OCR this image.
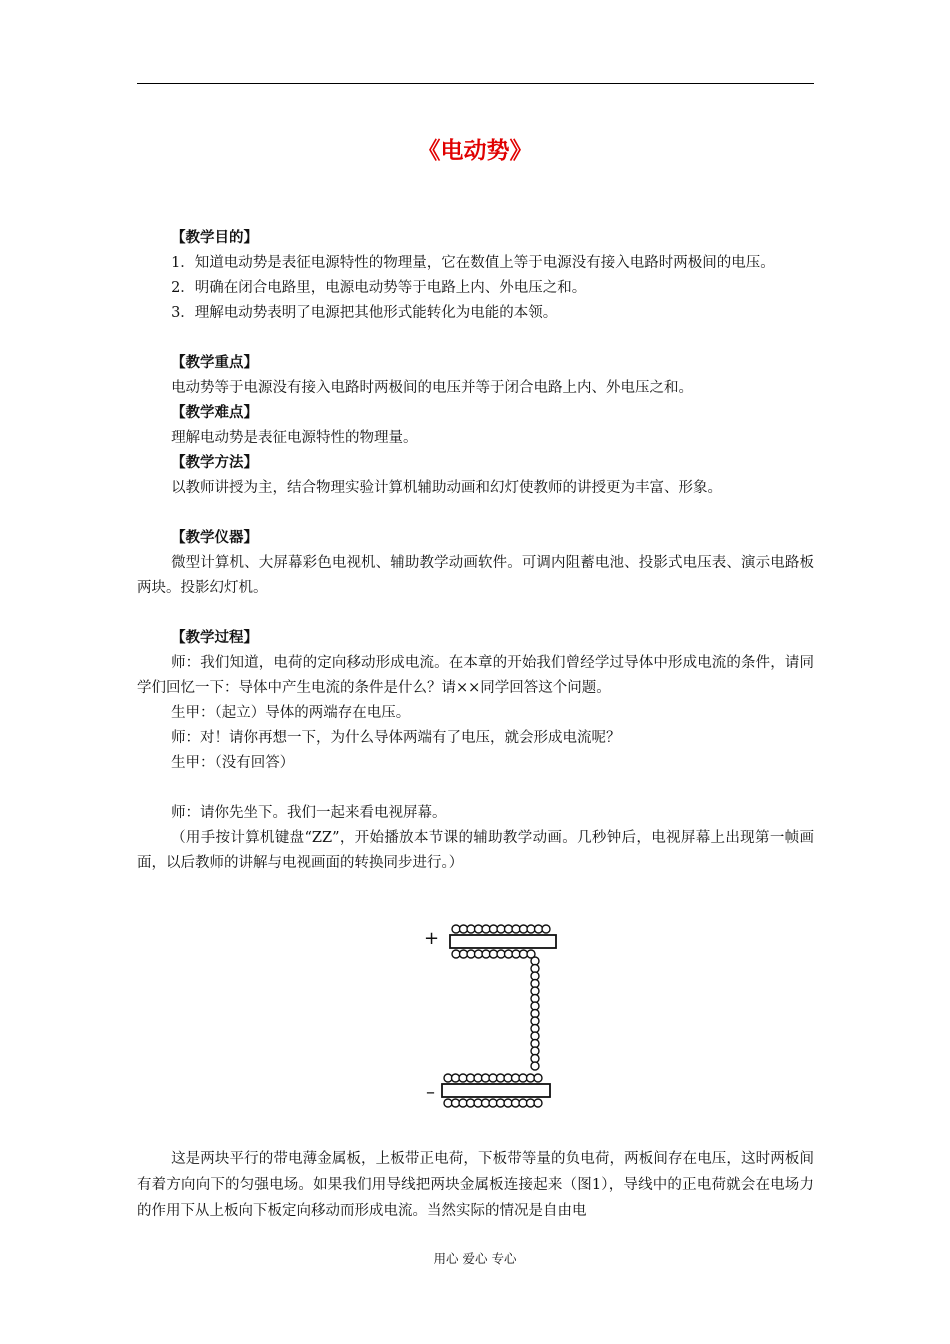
《电动势》

【教学目的】

1．知道电动势是表征电源特性的物理量，它在数值上等于电源没有接入电路时两极间的电压。

2．明确在闭合电路里，电源电动势等于电路上内、外电压之和。

3．理解电动势表明了电源把其他形式能转化为电能的本领。

【教学重点】

电动势等于电源没有接入电路时两极间的电压并等于闭合电路上内、外电压之和。

【教学难点】

理解电动势是表征电源特性的物理量。

【教学方法】

以教师讲授为主，结合物理实验计算机辅助动画和幻灯使教师的讲授更为丰富、形象。

【教学仪器】

微型计算机、大屏幕彩色电视机、辅助教学动画软件。可调内阻蓄电池、投影式电压表、演示电路板两块。投影幻灯机。

【教学过程】

师：我们知道，电荷的定向移动形成电流。在本章的开始我们曾经学过导体中形成电流的条件，请同学们回忆一下：导体中产生电流的条件是什么？请××同学回答这个问题。

生甲：（起立）导体的两端存在电压。

师：对！请你再想一下，为什么导体两端有了电压，就会形成电流呢？

生甲：（没有回答）

师：请你先坐下。我们一起来看电视屏幕。

（用手按计算机键盘“ZZ”，开始播放本节课的辅助教学动画。几秒钟后，电视屏幕上出现第一帧画面，以后教师的讲解与电视画面的转换同步进行。）

+
–

这是两块平行的带电薄金属板，上板带正电荷，下板带等量的负电荷，两板间存在电压，这时两板间有着方向向下的匀强电场。如果我们用导线把两块金属板连接起来（图1），导线中的正电荷就会在电场力的作用下从上板向下板定向移动而形成电流。当然实际的情况是自由电

用心 爱心 专心
